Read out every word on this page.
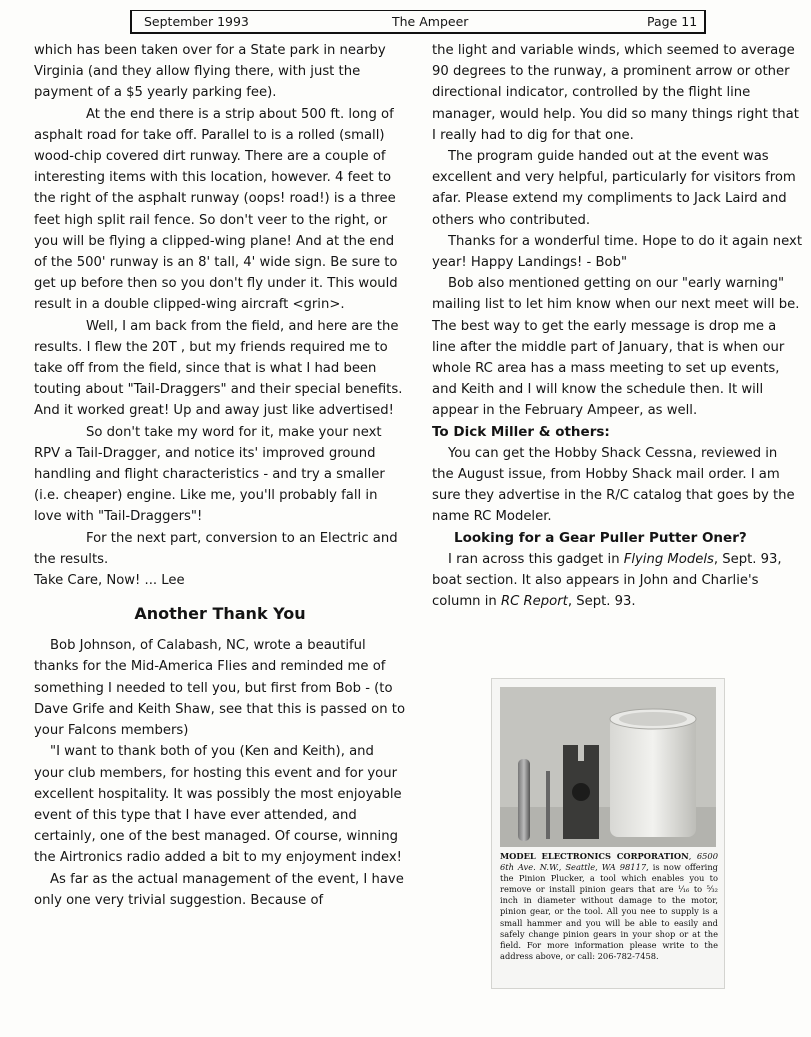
September 1993	The Ampeer	Page 11

which has been taken over for a State park in nearby Virginia (and they allow flying there, with just the payment of a $5 yearly parking fee).

At the end there is a strip about 500 ft. long of asphalt road for take off. Parallel to is a rolled (small) wood-chip covered dirt runway. There are a couple of interesting items with this location, however. 4 feet to the right of the asphalt runway (oops! road!) is a three feet high split rail fence. So don't veer to the right, or you will be flying a clipped-wing plane! And at the end of the 500' runway is an 8' tall, 4' wide sign. Be sure to get up before then so you don't fly under it. This would result in a double clipped-wing aircraft <grin>.

Well, I am back from the field, and here are the results. I flew the 20T , but my friends required me to take off from the field, since that is what I had been touting about "Tail-Draggers" and their special benefits. And it worked great! Up and away just like advertised!

So don't take my word for it, make your next RPV a Tail-Dragger, and notice its' improved ground handling and flight characteristics - and try a smaller (i.e. cheaper) engine. Like me, you'll probably fall in love with "Tail-Draggers"!

For the next part, conversion to an Electric and the results.

Take Care, Now! ... Lee

Another Thank You

Bob Johnson, of Calabash, NC, wrote a beautiful thanks for the Mid-America Flies and reminded me of something I needed to tell you, but first from Bob - (to Dave Grife and Keith Shaw, see that this is passed on to your Falcons members)

"I want to thank both of you (Ken and Keith), and your club members, for hosting this event and for your excellent hospitality. It was possibly the most enjoyable event of this type that I have ever attended, and certainly, one of the best managed. Of course, winning the Airtronics radio added a bit to my enjoyment index!

As far as the actual management of the event, I have only one very trivial suggestion. Because of

the light and variable winds, which seemed to average 90 degrees to the runway, a prominent arrow or other directional indicator, controlled by the flight line manager, would help. You did so many things right that I really had to dig for that one.

The program guide handed out at the event was excellent and very helpful, particularly for visitors from afar. Please extend my compliments to Jack Laird and others who contributed.

Thanks for a wonderful time. Hope to do it again next year! Happy Landings! - Bob"

Bob also mentioned getting on our "early warning" mailing list to let him know when our next meet will be. The best way to get the early message is drop me a line after the middle part of January, that is when our whole RC area has a mass meeting to set up events, and Keith and I will know the schedule then. It will appear in the February Ampeer, as well.

To Dick Miller & others:

You can get the Hobby Shack Cessna, reviewed in the August issue, from Hobby Shack mail order. I am sure they advertise in the R/C catalog that goes by the name RC Modeler.

Looking for a Gear Puller Putter Oner?

I ran across this gadget in Flying Models, Sept. 93, boat section. It also appears in John and Charlie's column in RC Report, Sept. 93.

MODEL ELECTRONICS CORPORATION, 6500 6th Ave. N.W., Seattle, WA 98117, is now offering the Pinion Plucker, a tool which enables you to remove or install pinion gears that are ¹⁄₁₆ to ⁵⁄₃₂ inch in diameter without damage to the motor, pinion gear, or the tool. All you nee to supply is a small hammer and you will be able to easily and safely change pinion gears in your shop or at the field. For more information please write to the address above, or call: 206-782-7458.
